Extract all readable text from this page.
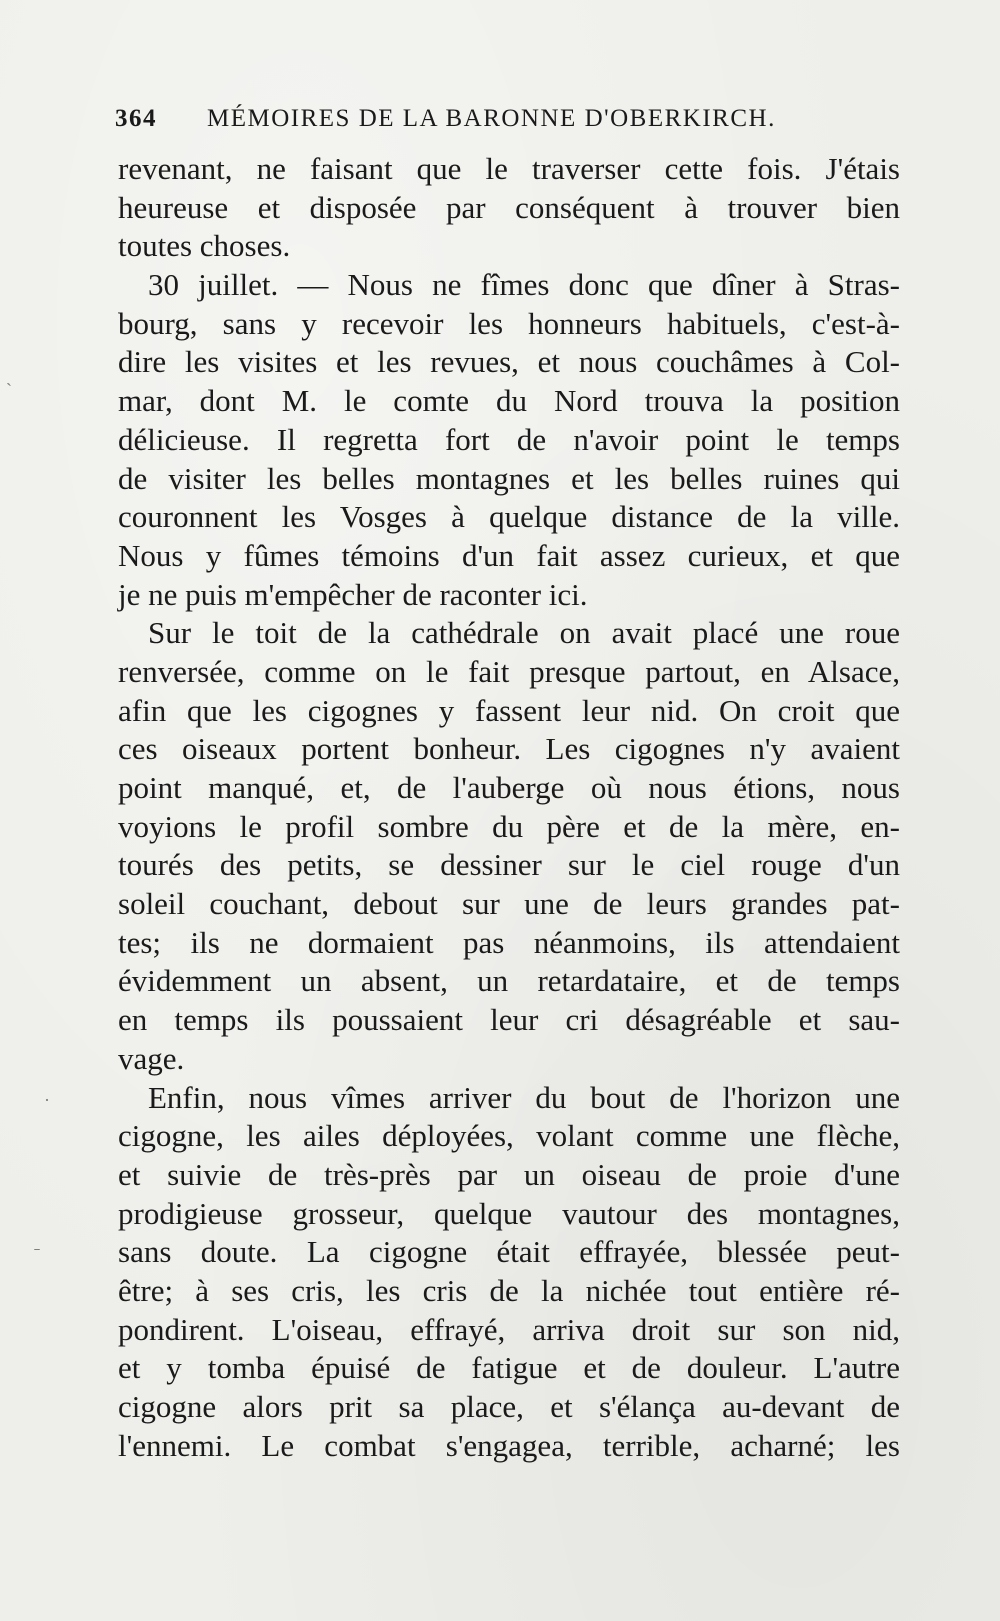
364 MÉMOIRES DE LA BARONNE D'OBERKIRCH.
revenant, ne faisant que le traverser cette fois. J'étais
heureuse et disposée par conséquent à trouver bien
toutes choses.
30 juillet. — Nous ne fîmes donc que dîner à Stras-
bourg, sans y recevoir les honneurs habituels, c'est-à-
dire les visites et les revues, et nous couchâmes à Col-
mar, dont M. le comte du Nord trouva la position
délicieuse. Il regretta fort de n'avoir point le temps
de visiter les belles montagnes et les belles ruines qui
couronnent les Vosges à quelque distance de la ville.
Nous y fûmes témoins d'un fait assez curieux, et que
je ne puis m'empêcher de raconter ici.
Sur le toit de la cathédrale on avait placé une roue
renversée, comme on le fait presque partout, en Alsace,
afin que les cigognes y fassent leur nid. On croit que
ces oiseaux portent bonheur. Les cigognes n'y avaient
point manqué, et, de l'auberge où nous étions, nous
voyions le profil sombre du père et de la mère, en-
tourés des petits, se dessiner sur le ciel rouge d'un
soleil couchant, debout sur une de leurs grandes pat-
tes; ils ne dormaient pas néanmoins, ils attendaient
évidemment un absent, un retardataire, et de temps
en temps ils poussaient leur cri désagréable et sau-
vage.
Enfin, nous vîmes arriver du bout de l'horizon une
cigogne, les ailes déployées, volant comme une flèche,
et suivie de très-près par un oiseau de proie d'une
prodigieuse grosseur, quelque vautour des montagnes,
sans doute. La cigogne était effrayée, blessée peut-
être; à ses cris, les cris de la nichée tout entière ré-
pondirent. L'oiseau, effrayé, arriva droit sur son nid,
et y tomba épuisé de fatigue et de douleur. L'autre
cigogne alors prit sa place, et s'élança au-devant de
l'ennemi. Le combat s'engagea, terrible, acharné; les
ˋ
·
ˉ
